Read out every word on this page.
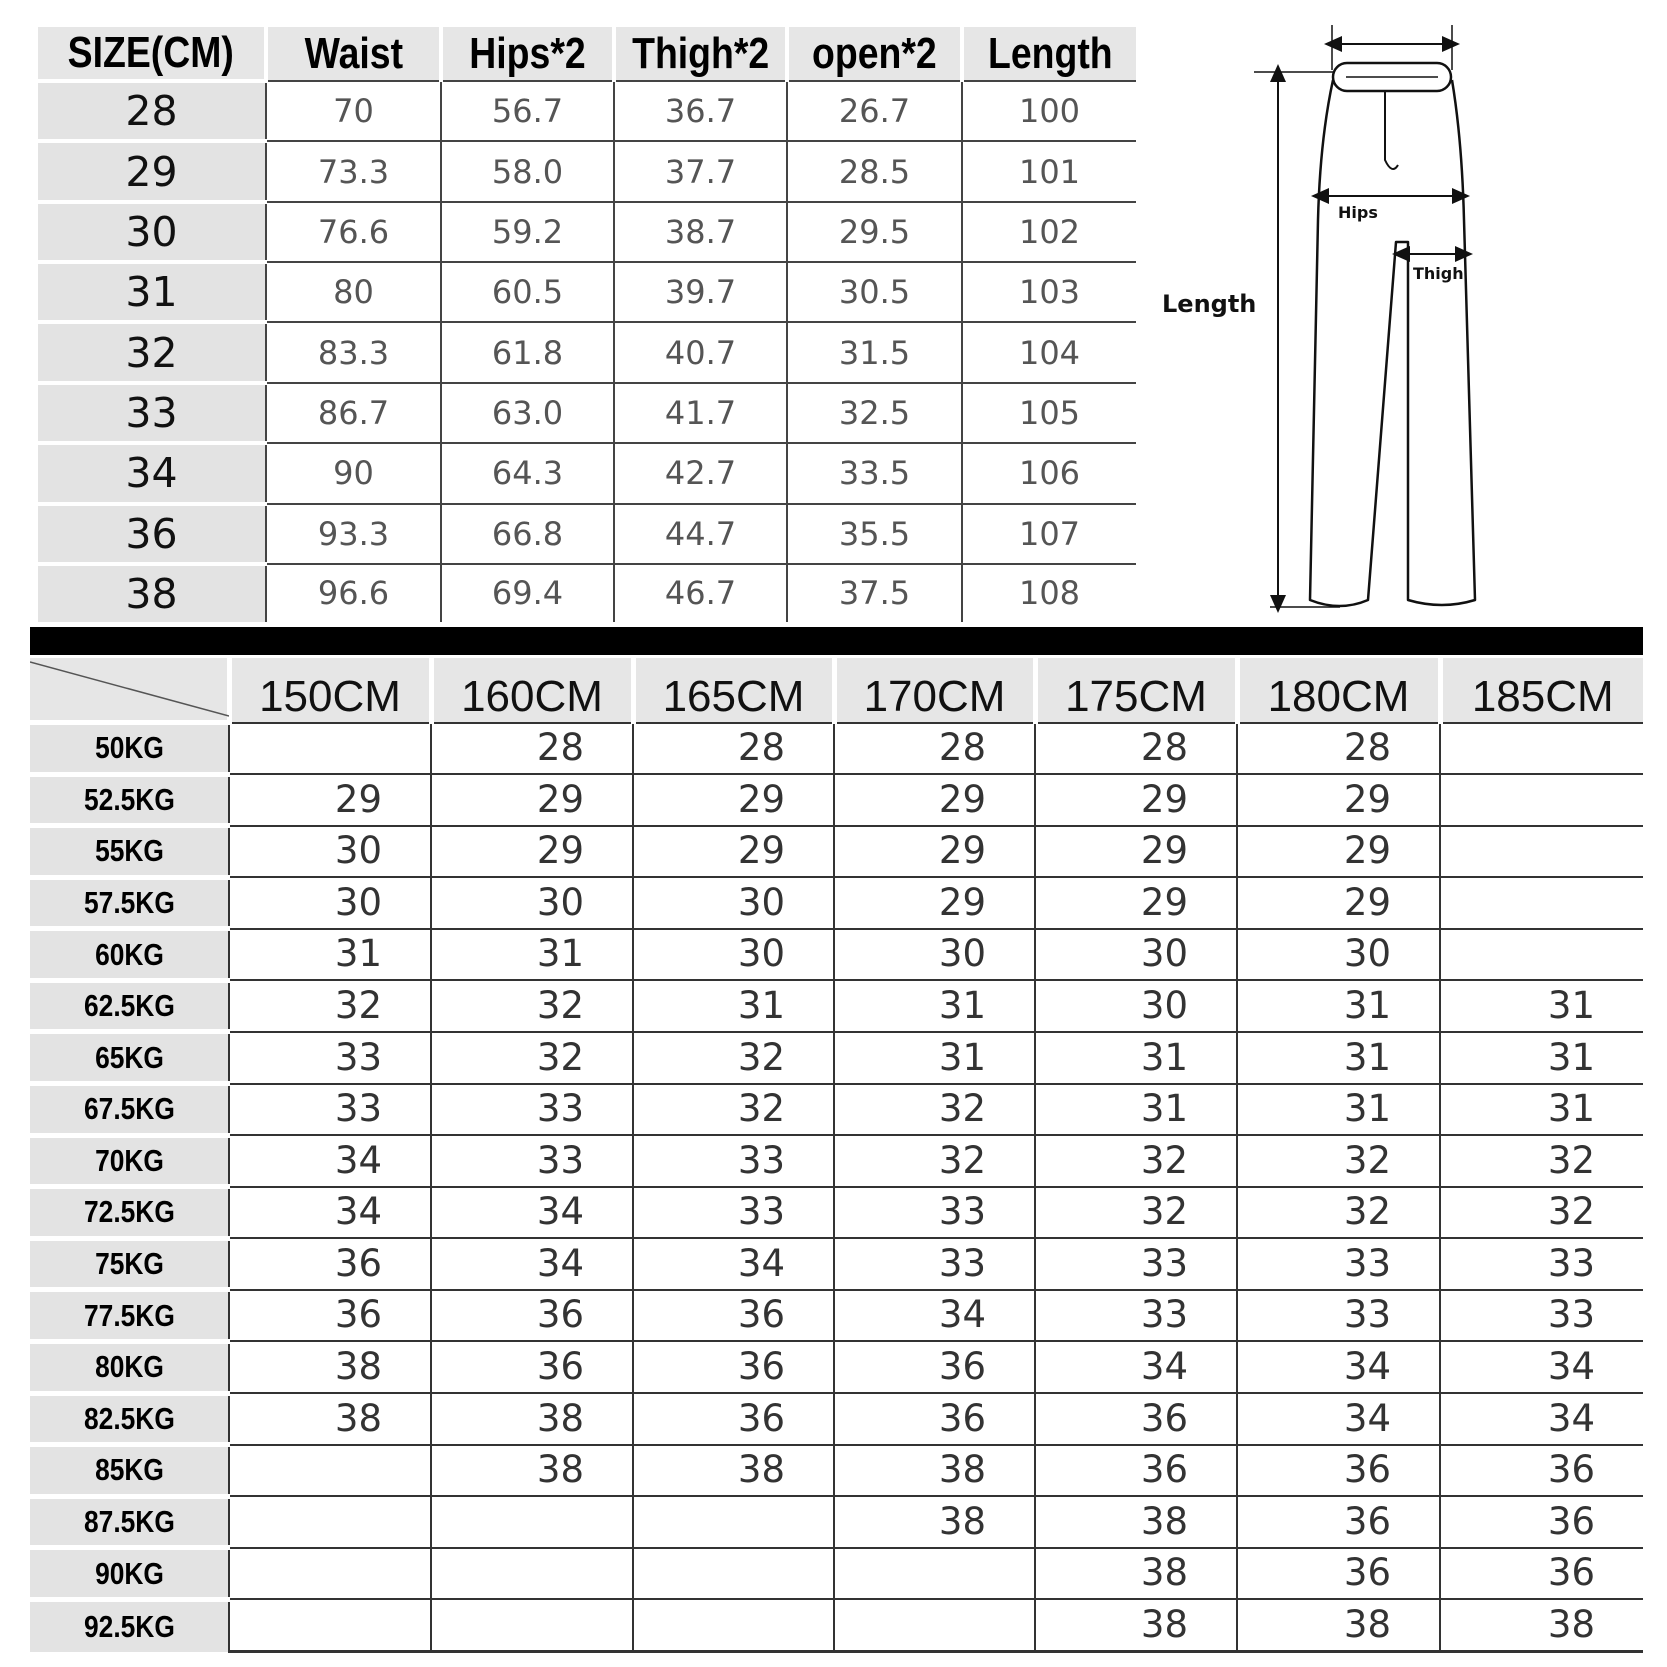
SIZE(CM)	Waist	Hips*2	Thigh*2	open*2	Length
28	70	56.7	36.7	26.7	100
29	73.3	58.0	37.7	28.5	101
30	76.6	59.2	38.7	29.5	102
31	80	60.5	39.7	30.5	103
32	83.3	61.8	40.7	31.5	104
33	86.7	63.0	41.7	32.5	105
34	90	64.3	42.7	33.5	106
36	93.3	66.8	44.7	35.5	107
38	96.6	69.4	46.7	37.5	108
Length
Hips
Thigh
	150CM	160CM	165CM	170CM	175CM	180CM	185CM
50KG		28	28	28	28	28	
52.5KG	29	29	29	29	29	29	
55KG	30	29	29	29	29	29	
57.5KG	30	30	30	29	29	29	
60KG	31	31	30	30	30	30	
62.5KG	32	32	31	31	30	31	31
65KG	33	32	32	31	31	31	31
67.5KG	33	33	32	32	31	31	31
70KG	34	33	33	32	32	32	32
72.5KG	34	34	33	33	32	32	32
75KG	36	34	34	33	33	33	33
77.5KG	36	36	36	34	33	33	33
80KG	38	36	36	36	34	34	34
82.5KG	38	38	36	36	36	34	34
85KG		38	38	38	36	36	36
87.5KG				38	38	36	36
90KG					38	36	36
92.5KG					38	38	38
